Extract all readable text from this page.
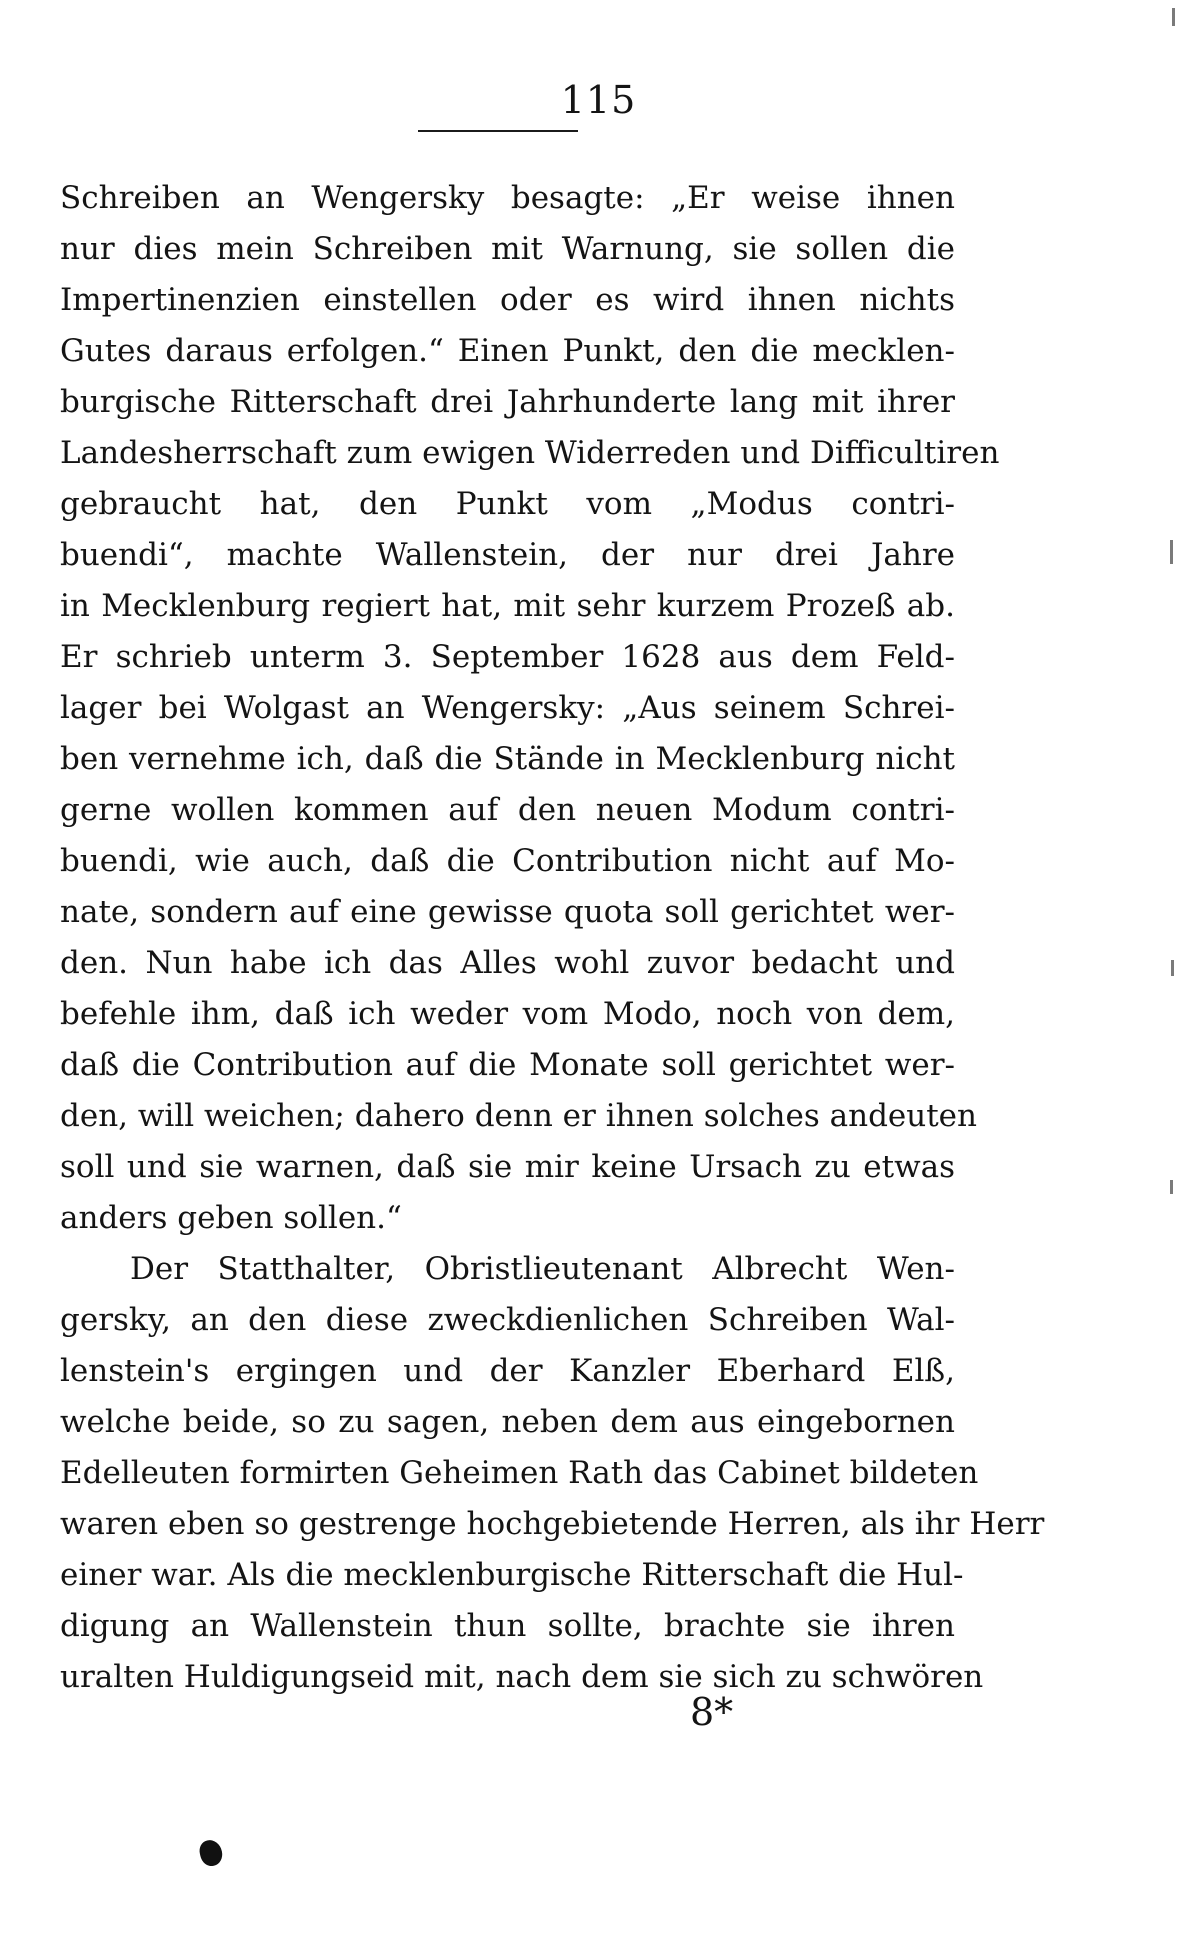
115
Schreiben an Wengersky besagte: „Er weise ihnen
nur dies mein Schreiben mit Warnung, sie sollen die
Impertinenzien einstellen oder es wird ihnen nichts
Gutes daraus erfolgen.“ Einen Punkt, den die mecklen-
burgische Ritterschaft drei Jahrhunderte lang mit ihrer
Landesherrschaft zum ewigen Widerreden und Difficultiren
gebraucht hat, den Punkt vom „Modus contri-
buendi“, machte Wallenstein, der nur drei Jahre
in Mecklenburg regiert hat, mit sehr kurzem Prozeß ab.
Er schrieb unterm 3. September 1628 aus dem Feld-
lager bei Wolgast an Wengersky: „Aus seinem Schrei-
ben vernehme ich, daß die Stände in Mecklenburg nicht
gerne wollen kommen auf den neuen Modum contri-
buendi, wie auch, daß die Contribution nicht auf Mo-
nate, sondern auf eine gewisse quota soll gerichtet wer-
den. Nun habe ich das Alles wohl zuvor bedacht und
befehle ihm, daß ich weder vom Modo, noch von dem,
daß die Contribution auf die Monate soll gerichtet wer-
den, will weichen; dahero denn er ihnen solches andeuten
soll und sie warnen, daß sie mir keine Ursach zu etwas
anders geben sollen.“
Der Statthalter, Obristlieutenant Albrecht Wen-
gersky, an den diese zweckdienlichen Schreiben Wal-
lenstein's ergingen und der Kanzler Eberhard Elß,
welche beide, so zu sagen, neben dem aus eingebornen
Edelleuten formirten Geheimen Rath das Cabinet bildeten
waren eben so gestrenge hochgebietende Herren, als ihr Herr
einer war. Als die mecklenburgische Ritterschaft die Hul-
digung an Wallenstein thun sollte, brachte sie ihren
uralten Huldigungseid mit, nach dem sie sich zu schwören
8*
